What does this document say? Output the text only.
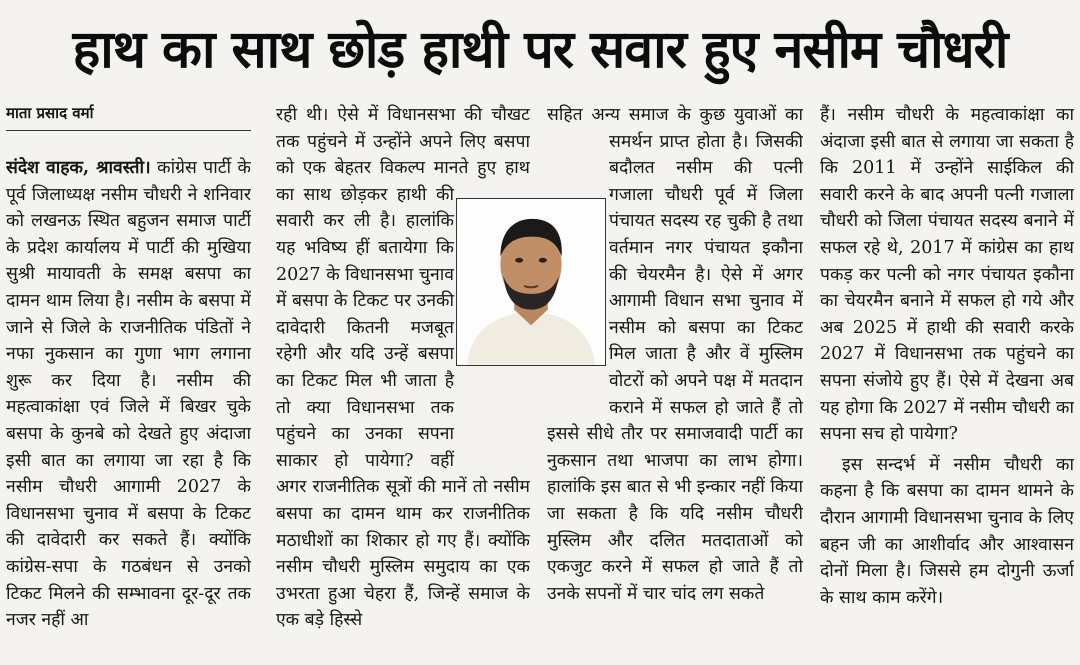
हाथ का साथ छोड़ हाथी पर सवार हुए नसीम चौधरी
माता प्रसाद वर्मा

संदेश वाहक, श्रावस्ती। कांग्रेस पार्टी के पूर्व जिलाध्यक्ष नसीम चौधरी ने शनिवार को लखनऊ स्थित बहुजन समाज पार्टी के प्रदेश कार्यालय में पार्टी की मुखिया सुश्री मायावती के समक्ष बसपा का दामन थाम लिया है। नसीम के बसपा में जाने से जिले के राजनीतिक पंडितों ने नफा नुकसान का गुणा भाग लगाना शुरू कर दिया है। नसीम की महत्वाकांक्षा एवं जिले में बिखर चुके बसपा के कुनबे को देखते हुए अंदाजा इसी बात का लगाया जा रहा है कि नसीम चौधरी आगामी 2027 के विधानसभा चुनाव में बसपा के टिकट की दावेदारी कर सकते हैं। क्योंकि कांग्रेस-सपा के गठबंधन से उनको टिकट मिलने की सम्भावना दूर-दूर तक नजर नहीं आ

रही थी। ऐसे में विधानसभा की चौखट तक पहुंचने में उन्होंने अपने लिए बसपा को एक बेहतर विकल्प मानते हुए हाथ का साथ छोड़कर हाथी की सवारी कर ली है। हालांकि यह भविष्य हीं बतायेगा कि 2027 के विधानसभा चुनाव में बसपा के टिकट पर उनकी दावेदारी कितनी मजबूत रहेगी और यदि उन्हें बसपा का टिकट मिल भी जाता है तो क्या विधानसभा तक पहुंचने का उनका सपना साकार हो पायेगा? वहीं अगर राजनीतिक सूत्रों की मानें तो नसीम बसपा का दामन थाम कर राजनीतिक मठाधीशों का शिकार हो गए हैं। क्योंकि नसीम चौधरी मुस्लिम समुदाय का एक उभरता हुआ चेहरा हैं, जिन्हें समाज के एक बड़े हिस्से

सहित अन्य समाज के कुछ युवाओं का समर्थन प्राप्त होता है। जिसकी बदौलत नसीम की पत्नी गजाला चौधरी पूर्व में जिला पंचायत सदस्य रह चुकी है तथा वर्तमान नगर पंचायत इकौना की चेयरमैन है। ऐसे में अगर आगामी विधान सभा चुनाव में नसीम को बसपा का टिकट मिल जाता है और वें मुस्लिम वोटरों को अपने पक्ष में मतदान कराने में सफल हो जाते हैं तो इससे सीधे तौर पर समाजवादी पार्टी का नुकसान तथा भाजपा का लाभ होगा। हालांकि इस बात से भी इन्कार नहीं किया जा सकता है कि यदि नसीम चौधरी मुस्लिम और दलित मतदाताओं को एकजुट करने में सफल हो जाते हैं तो उनके सपनों में चार चांद लग सकते

हैं। नसीम चौधरी के महत्वाकांक्षा का अंदाजा इसी बात से लगाया जा सकता है कि 2011 में उन्होंने साईकिल की सवारी करने के बाद अपनी पत्नी गजाला चौधरी को जिला पंचायत सदस्य बनाने में सफल रहे थे, 2017 में कांग्रेस का हाथ पकड़ कर पत्नी को नगर पंचायत इकौना का चेयरमैन बनाने में सफल हो गये और अब 2025 में हाथी की सवारी करके 2027 में विधानसभा तक पहुंचने का सपना संजोये हुए हैं। ऐसे में देखना अब यह होगा कि 2027 में नसीम चौधरी का सपना सच हो पायेगा?

इस सन्दर्भ में नसीम चौधरी का कहना है कि बसपा का दामन थामने के दौरान आगामी विधानसभा चुनाव के लिए बहन जी का आशीर्वाद और आश्वासन दोनों मिला है। जिससे हम दोगुनी ऊर्जा के साथ काम करेंगे।
